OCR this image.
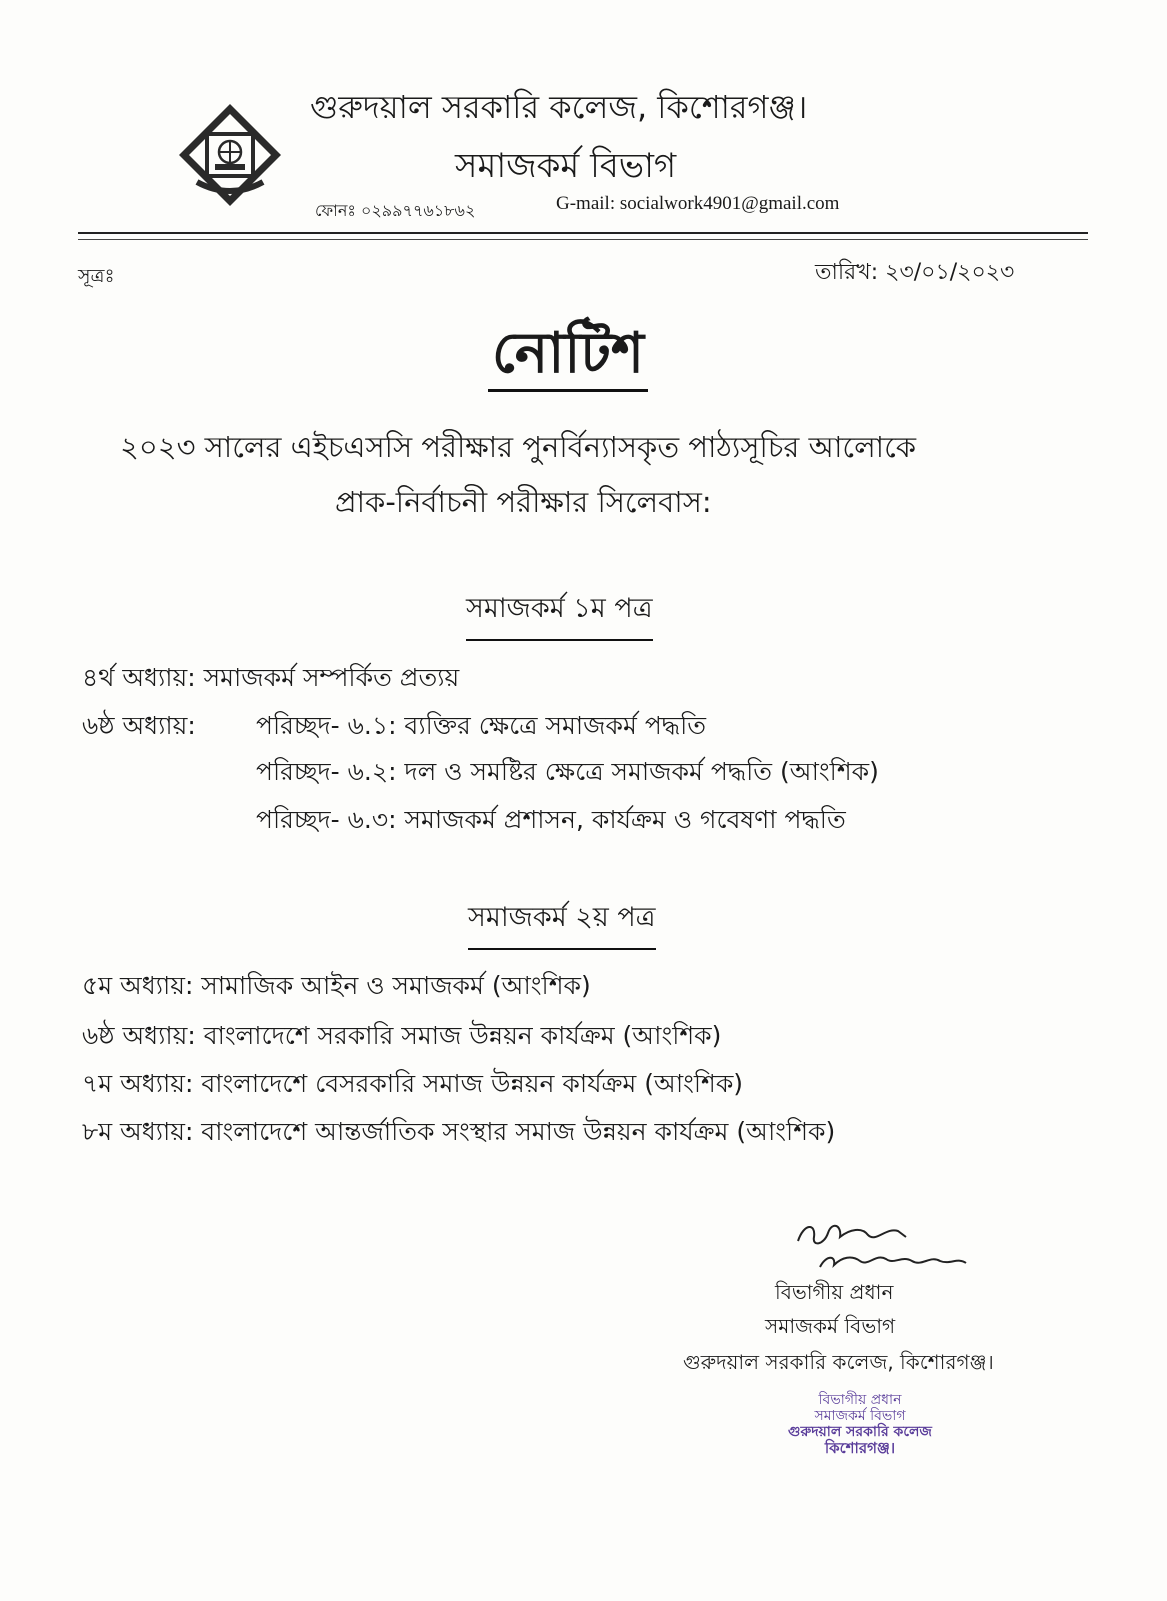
গুরুদয়াল সরকারি কলেজ, কিশোরগঞ্জ।
সমাজকর্ম বিভাগ
ফোনঃ ০২৯৯৭৭৬১৮৬২	G-mail: socialwork4901@gmail.com
সূত্রঃ	তারিখ: ২৩/০১/২০২৩
নোটিশ
২০২৩ সালের এইচএসসি পরীক্ষার পুনর্বিন্যাসকৃত পাঠ্যসূচির আলোকে
প্রাক-নির্বাচনী পরীক্ষার সিলেবাস:
সমাজকর্ম ১ম পত্র
৪র্থ অধ্যায়: সমাজকর্ম সম্পর্কিত প্রত্যয়
৬ষ্ঠ অধ্যায়: পরিচ্ছদ- ৬.১: ব্যক্তির ক্ষেত্রে সমাজকর্ম পদ্ধতি
পরিচ্ছদ- ৬.২: দল ও সমষ্টির ক্ষেত্রে সমাজকর্ম পদ্ধতি (আংশিক)
পরিচ্ছদ- ৬.৩: সমাজকর্ম প্রশাসন, কার্যক্রম ও গবেষণা পদ্ধতি
সমাজকর্ম ২য় পত্র
৫ম অধ্যায়: সামাজিক আইন ও সমাজকর্ম (আংশিক)
৬ষ্ঠ অধ্যায়: বাংলাদেশে সরকারি সমাজ উন্নয়ন কার্যক্রম (আংশিক)
৭ম অধ্যায়: বাংলাদেশে বেসরকারি সমাজ উন্নয়ন কার্যক্রম (আংশিক)
৮ম অধ্যায়: বাংলাদেশে আন্তর্জাতিক সংস্থার সমাজ উন্নয়ন কার্যক্রম (আংশিক)
বিভাগীয় প্রধান
সমাজকর্ম বিভাগ
গুরুদয়াল সরকারি কলেজ, কিশোরগঞ্জ।
বিভাগীয় প্রধান
সমাজকর্ম বিভাগ
গুরুদয়াল সরকারি কলেজ
কিশোরগঞ্জ।
